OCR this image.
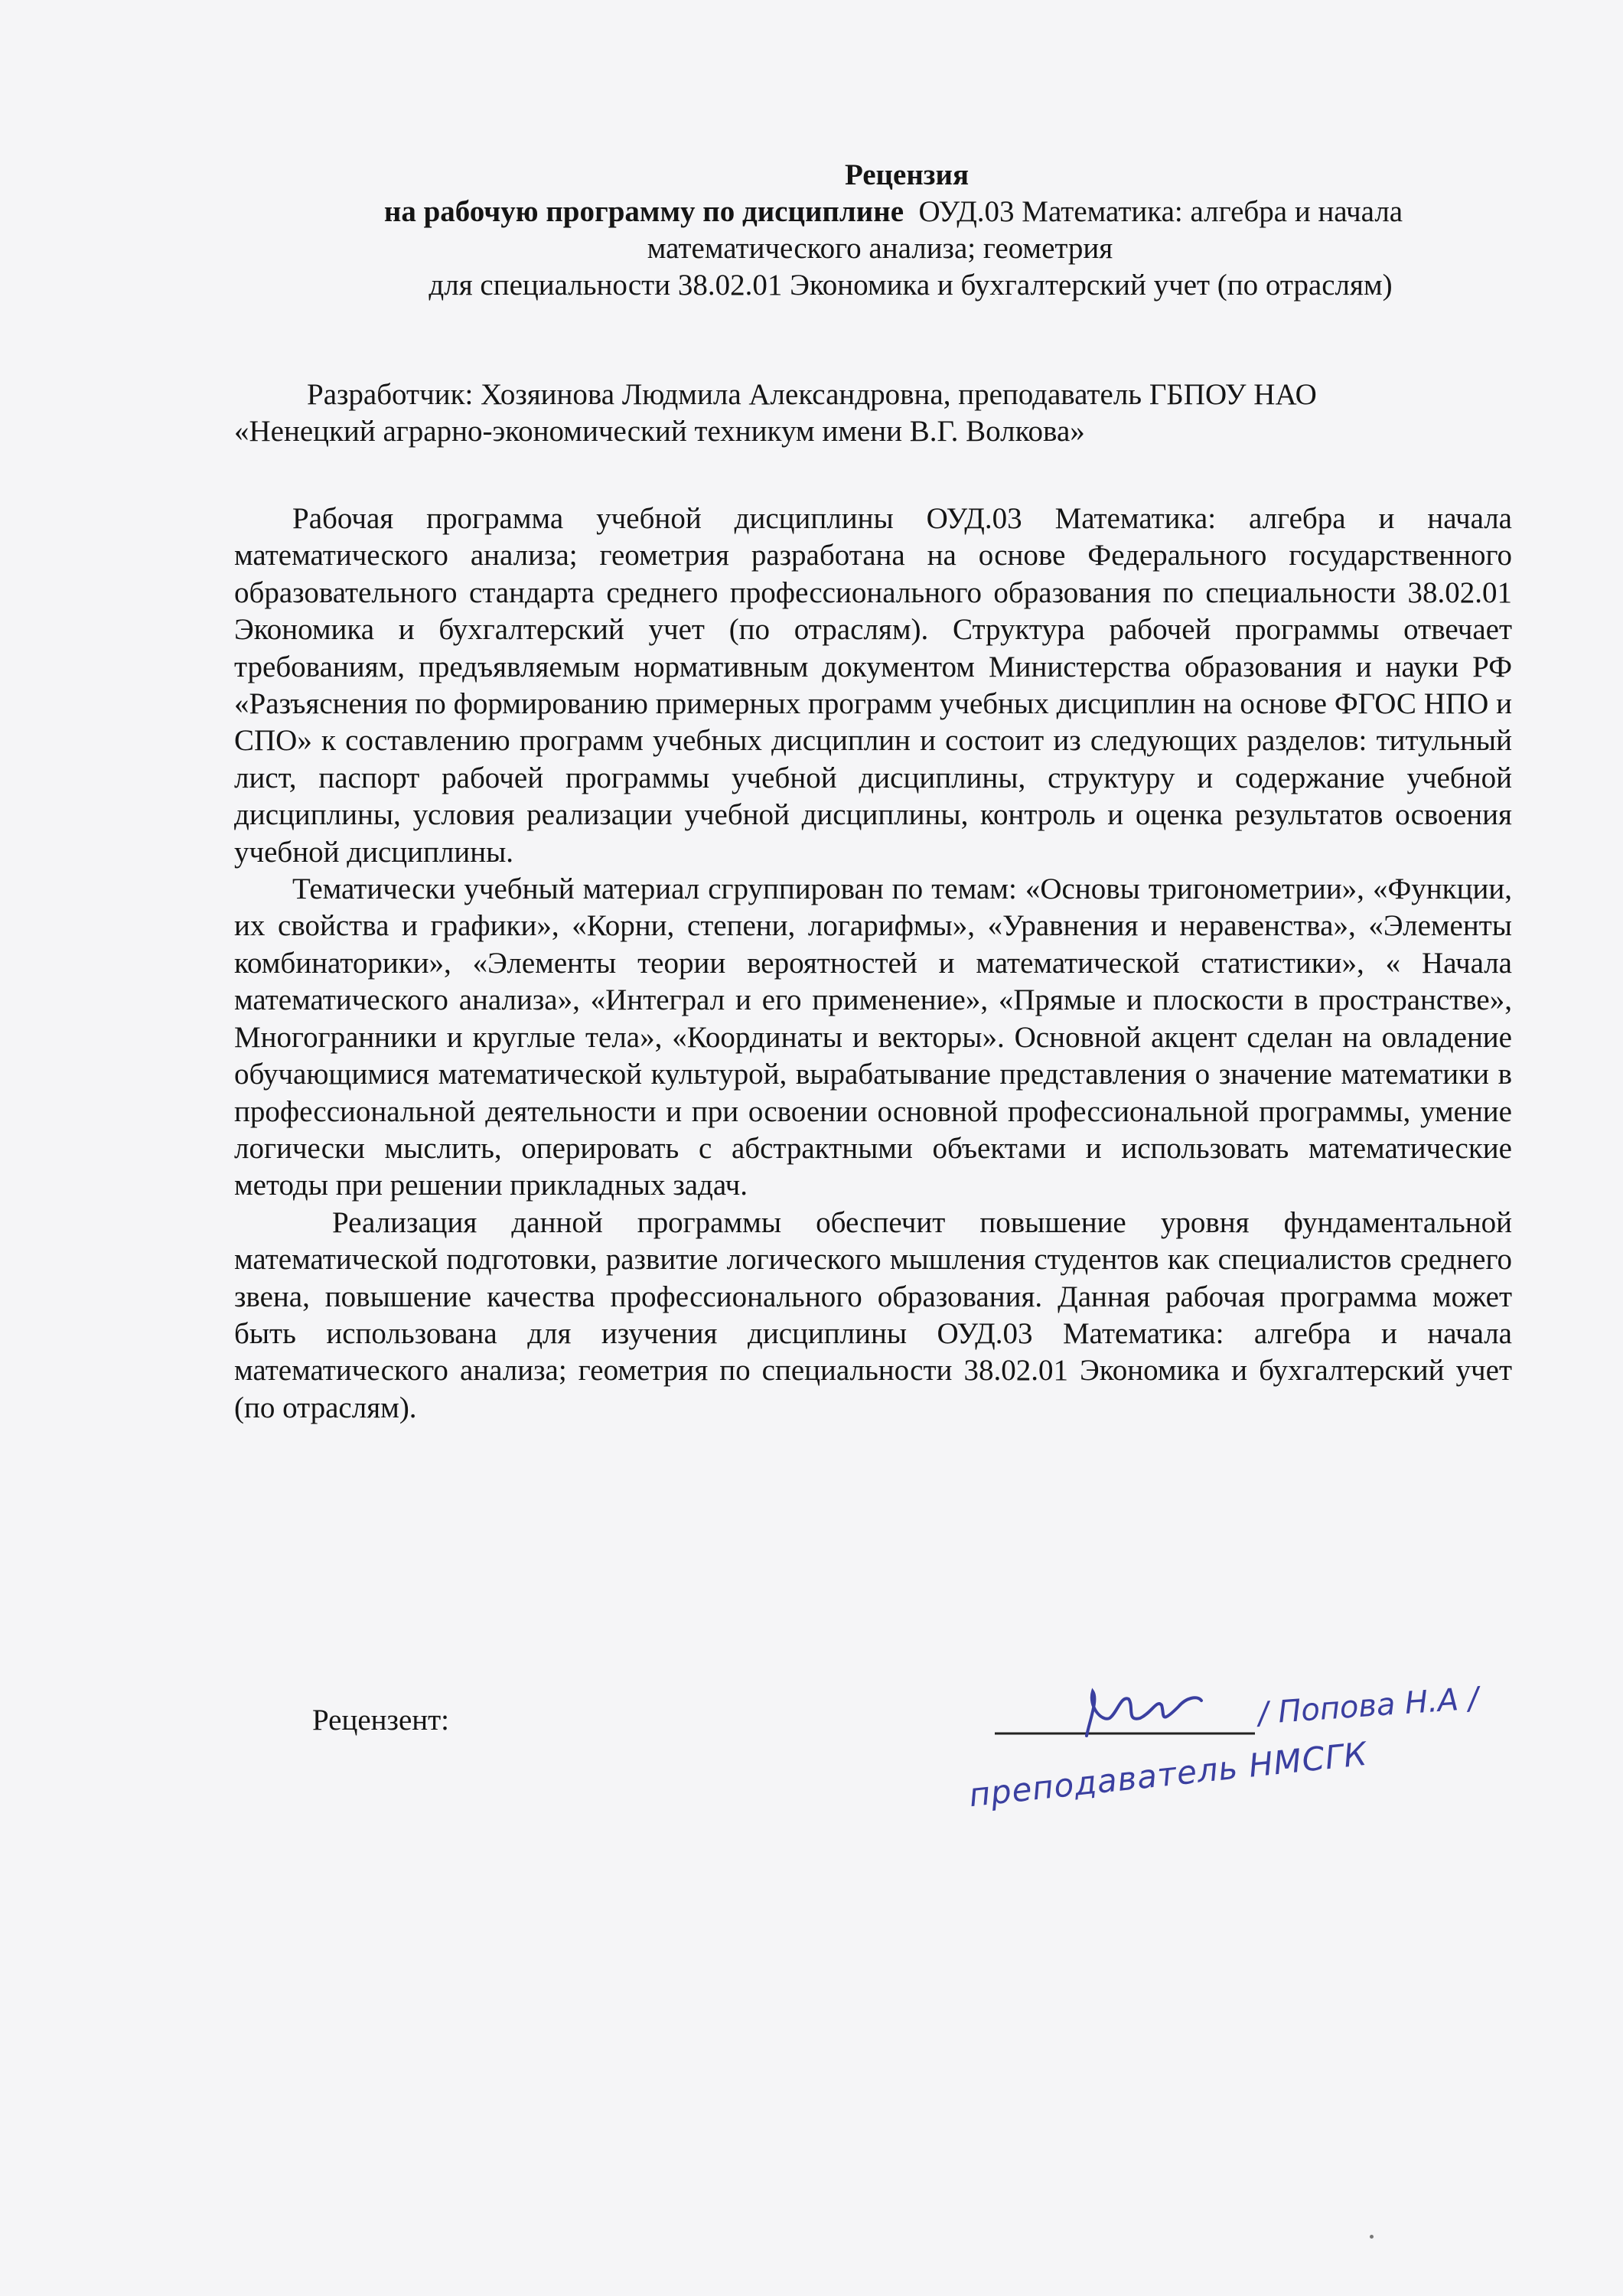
Рецензия
на рабочую программу по дисциплине ОУД.03 Математика: алгебра и начала
математического анализа; геометрия
для специальности 38.02.01 Экономика и бухгалтерский учет (по отраслям)
Разработчик: Хозяинова Людмила Александровна, преподаватель ГБПОУ НАО
«Ненецкий аграрно-экономический техникум имени В.Г. Волкова»

Рабочая программа учебной дисциплины ОУД.03 Математика: алгебра и начала математического анализа; геометрия разработана на основе Федерального государственного образовательного стандарта среднего профессионального образования по специальности 38.02.01 Экономика и бухгалтерский учет (по отраслям). Структура рабочей программы отвечает требованиям, предъявляемым нормативным документом Министерства образования и науки РФ «Разъяснения по формированию примерных программ учебных дисциплин на основе ФГОС НПО и СПО» к составлению программ учебных дисциплин и состоит из следующих разделов: титульный лист, паспорт рабочей программы учебной дисциплины, структуру и содержание учебной дисциплины, условия реализации учебной дисциплины, контроль и оценка результатов освоения учебной дисциплины.

Тематически учебный материал сгруппирован по темам: «Основы тригонометрии», «Функции, их свойства и графики», «Корни, степени, логарифмы», «Уравнения и неравенства», «Элементы комбинаторики», «Элементы теории вероятностей и математической статистики», « Начала математического анализа», «Интеграл и его применение», «Прямые и плоскости в пространстве», Многогранники и круглые тела», «Координаты и векторы». Основной акцент сделан на овладение обучающимися математической культурой, вырабатывание представления о значение математики в профессиональной деятельности и при освоении основной профессиональной программы, умение логически мыслить, оперировать с абстрактными объектами и использовать математические методы при решении прикладных задач.

Реализация данной программы обеспечит повышение уровня фундаментальной математической подготовки, развитие логического мышления студентов как специалистов среднего звена, повышение качества профессионального образования. Данная рабочая программа может быть использована для изучения дисциплины ОУД.03 Математика: алгебра и начала математического анализа; геометрия по специальности 38.02.01 Экономика и бухгалтерский учет (по отраслям).

Рецензент:	/ Попова Н.А /
преподаватель НМСГК
